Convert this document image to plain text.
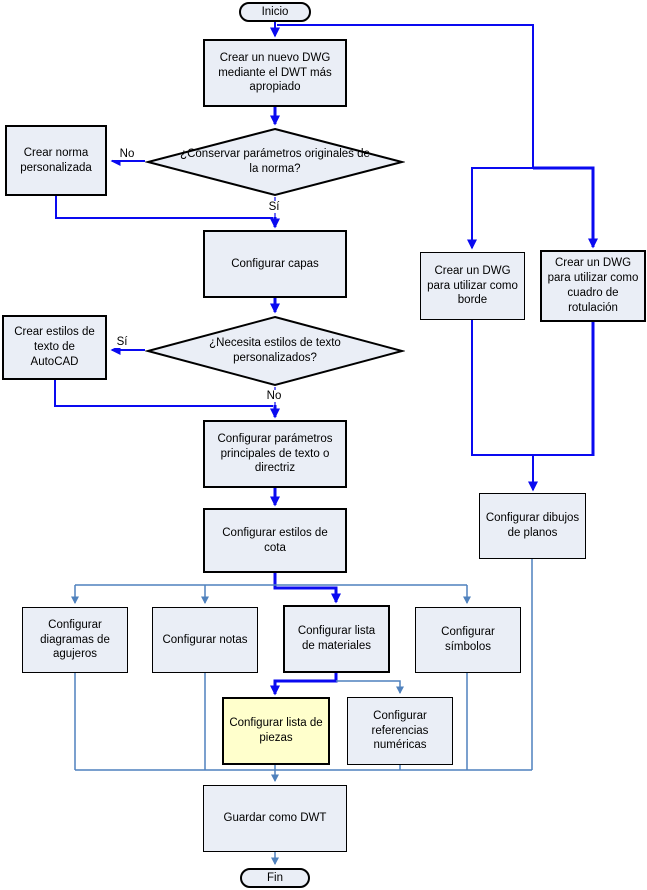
Inicio
Crear un nuevo DWG mediante el DWT más apropiado
¿Conservar parámetros originales de la norma?
Crear norma personalizada
Configurar capas
¿Necesita estilos de texto personalizados?
Crear estilos de texto de AutoCAD
Configurar parámetros principales de texto o directriz
Configurar estilos de cota
Crear un DWG para utilizar como borde
Crear un DWG para utilizar como cuadro de rotulación
Configurar dibujos de planos
Configurar diagramas de agujeros
Configurar notas
Configurar lista de materiales
Configurar símbolos
Configurar lista de piezas
Configurar referencias numéricas
Guardar como DWT
Fin
No
Sí
Sí
No
